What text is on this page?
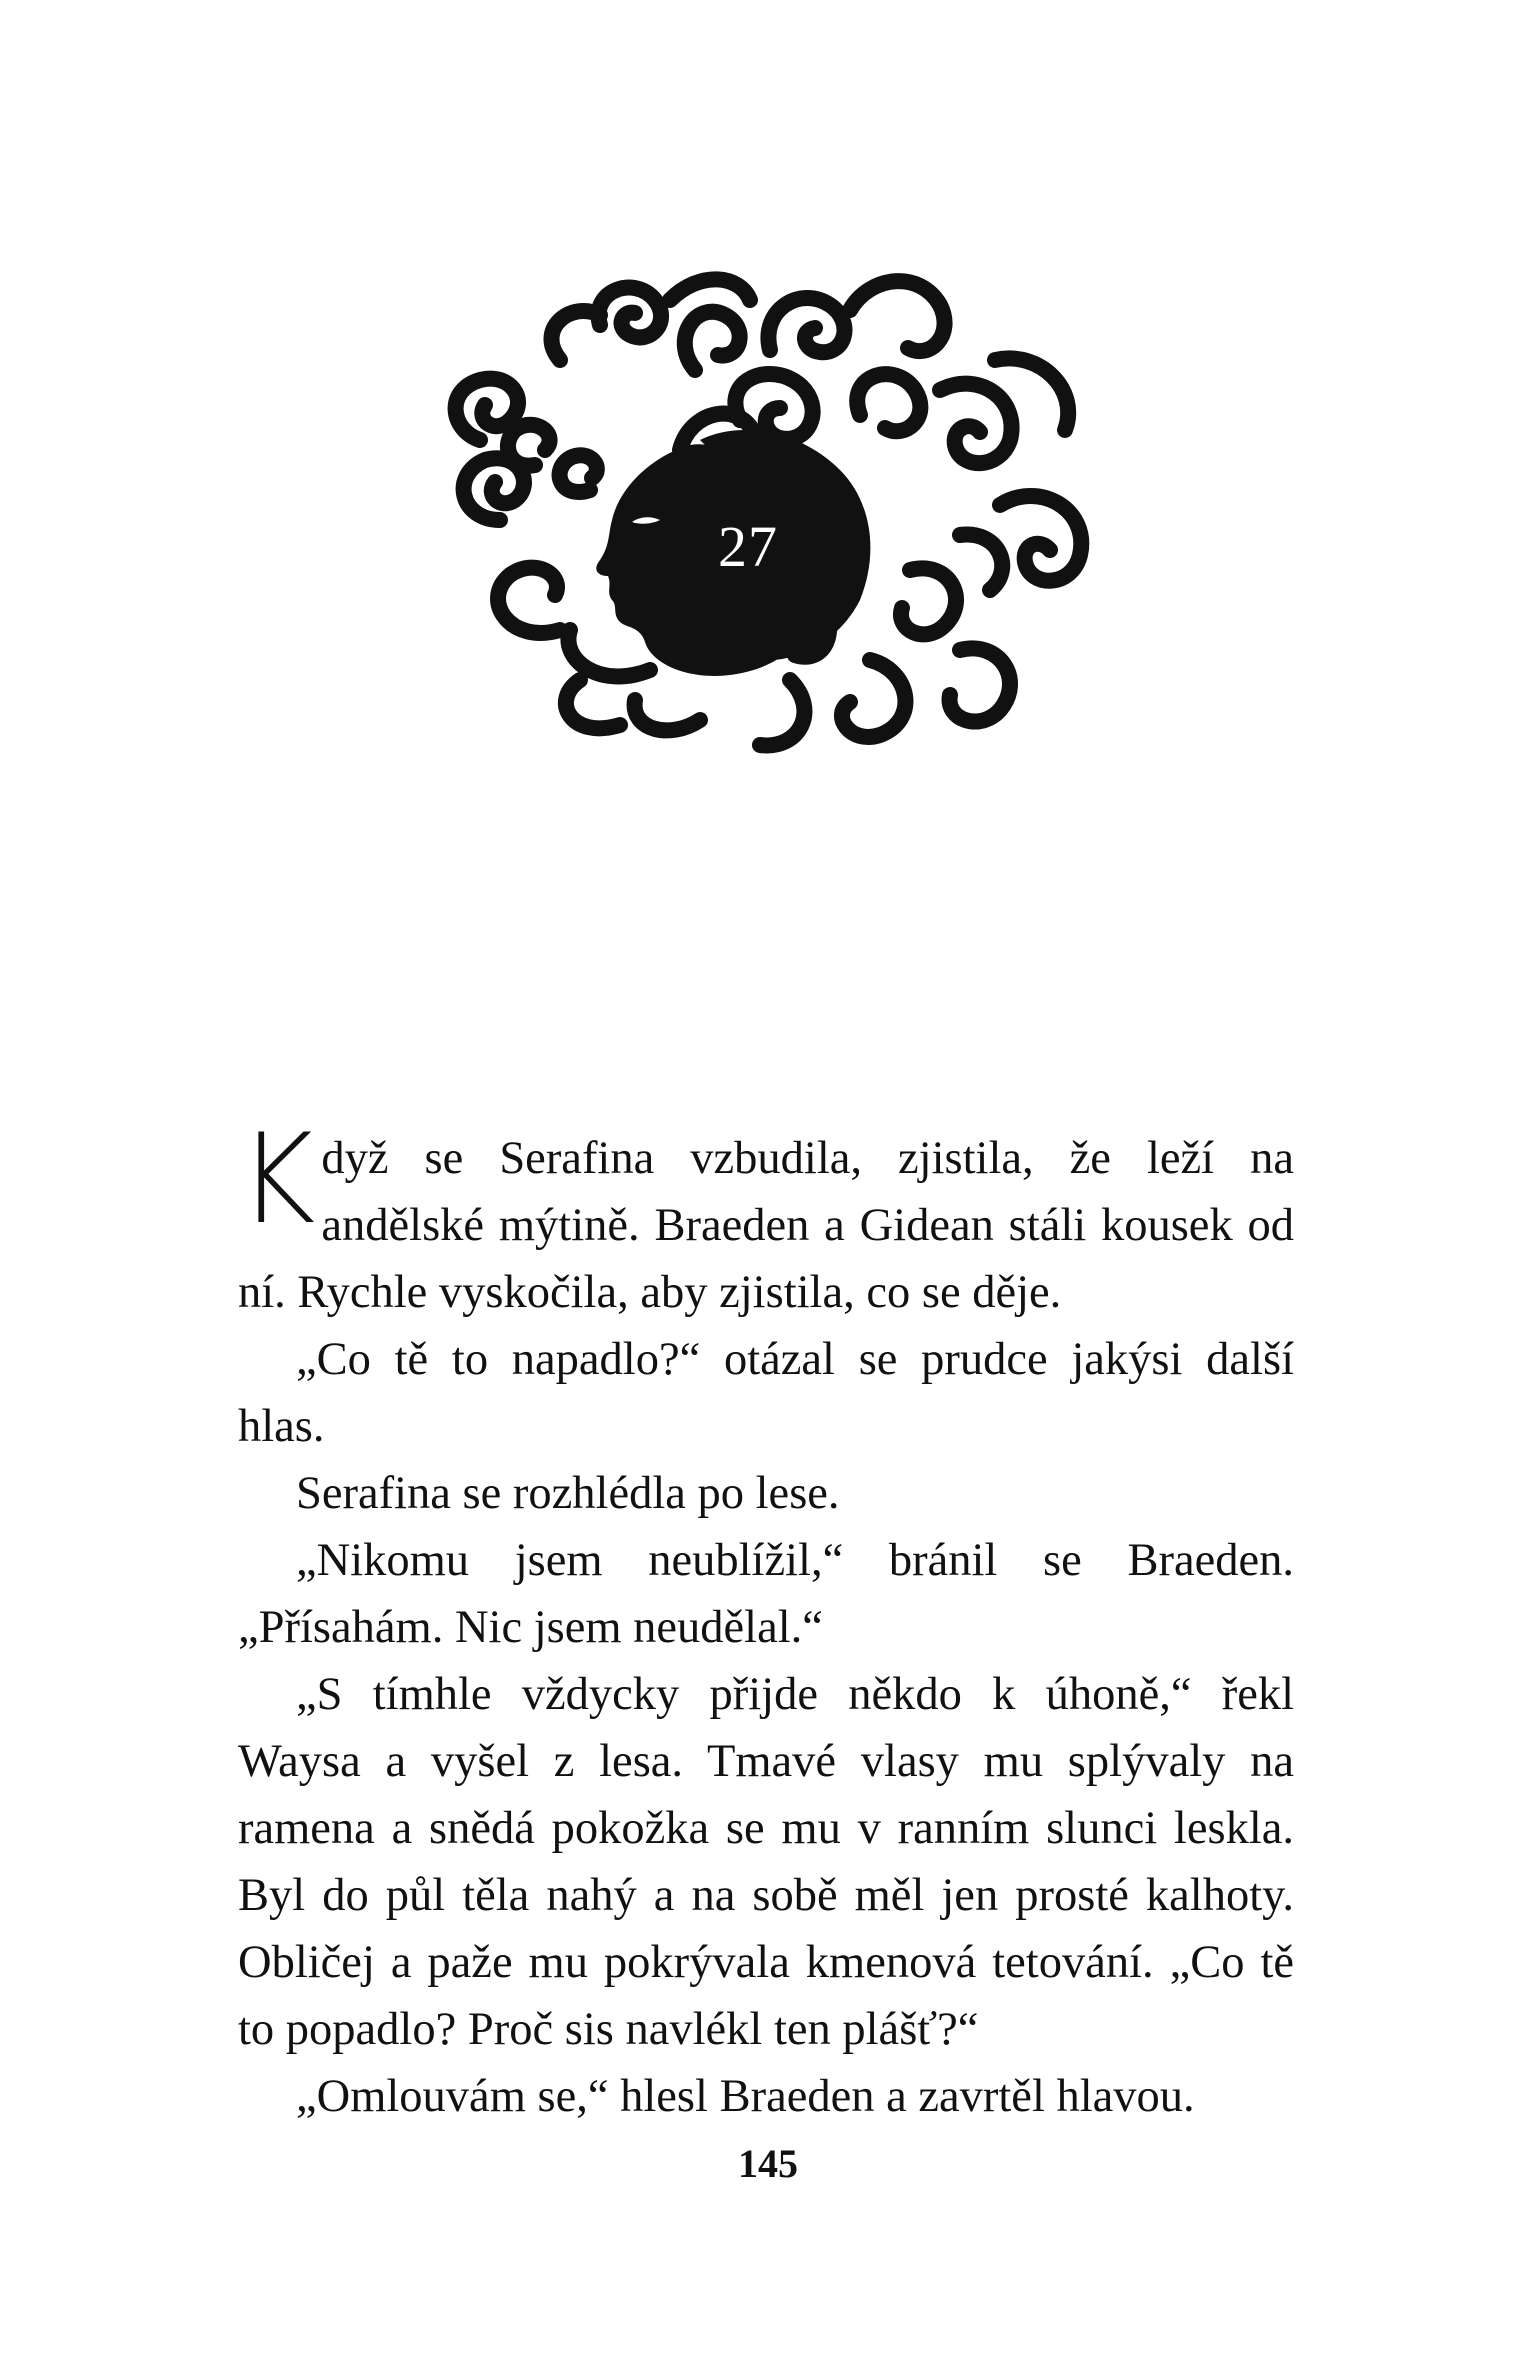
27

Když se Serafina vzbudila, zjistila, že leží na andělské mýtině. Braeden a Gidean stáli kousek od ní. Rychle vyskočila, aby zjistila, co se děje.

„Co tě to napadlo?“ otázal se prudce jakýsi další hlas.

Serafina se rozhlédla po lese.

„Nikomu jsem neublížil,“ bránil se Braeden. „Přísahám. Nic jsem neudělal.“

„S tímhle vždycky přijde někdo k úhoně,“ řekl Waysa a vyšel z lesa. Tmavé vlasy mu splývaly na ramena a snědá pokožka se mu v ranním slunci leskla. Byl do půl těla nahý a na sobě měl jen prosté kalhoty. Obličej a paže mu pokrývala kmenová tetování. „Co tě to popadlo? Proč sis navlékl ten plášť?“

„Omlouvám se,“ hlesl Braeden a zavrtěl hlavou.

145
